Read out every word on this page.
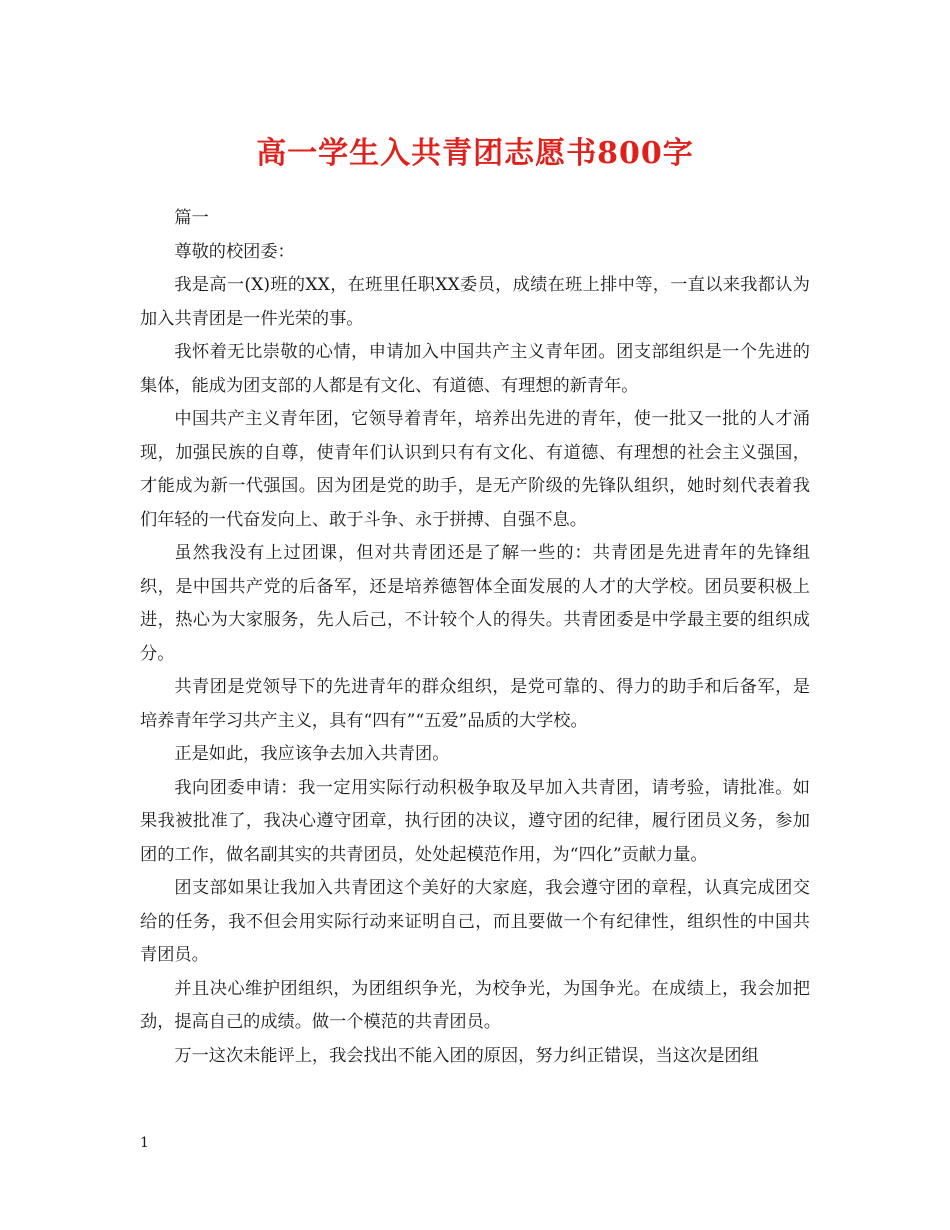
高一学生入共青团志愿书800字

篇一

尊敬的校团委：

我是高一(X)班的XX，在班里任职XX委员，成绩在班上排中等，一直以来我都认为加入共青团是一件光荣的事。

我怀着无比崇敬的心情，申请加入中国共产主义青年团。团支部组织是一个先进的集体，能成为团支部的人都是有文化、有道德、有理想的新青年。

中国共产主义青年团，它领导着青年，培养出先进的青年，使一批又一批的人才涌现，加强民族的自尊，使青年们认识到只有有文化、有道德、有理想的社会主义强国，才能成为新一代强国。因为团是党的助手，是无产阶级的先锋队组织，她时刻代表着我们年轻的一代奋发向上、敢于斗争、永于拼搏、自强不息。

虽然我没有上过团课，但对共青团还是了解一些的：共青团是先进青年的先锋组织，是中国共产党的后备军，还是培养德智体全面发展的人才的大学校。团员要积极上进，热心为大家服务，先人后己，不计较个人的得失。共青团委是中学最主要的组织成分。

共青团是党领导下的先进青年的群众组织，是党可靠的、得力的助手和后备军，是培养青年学习共产主义，具有“四有”“五爱”品质的大学校。

正是如此，我应该争去加入共青团。

我向团委申请：我一定用实际行动积极争取及早加入共青团，请考验，请批准。如果我被批准了，我决心遵守团章，执行团的决议，遵守团的纪律，履行团员义务，参加团的工作，做名副其实的共青团员，处处起模范作用，为“四化”贡献力量。

团支部如果让我加入共青团这个美好的大家庭，我会遵守团的章程，认真完成团交给的任务，我不但会用实际行动来证明自己，而且要做一个有纪律性，组织性的中国共青团员。

并且决心维护团组织，为团组织争光，为校争光，为国争光。在成绩上，我会加把劲，提高自己的成绩。做一个模范的共青团员。

万一这次未能评上，我会找出不能入团的原因，努力纠正错误，当这次是团组

1
